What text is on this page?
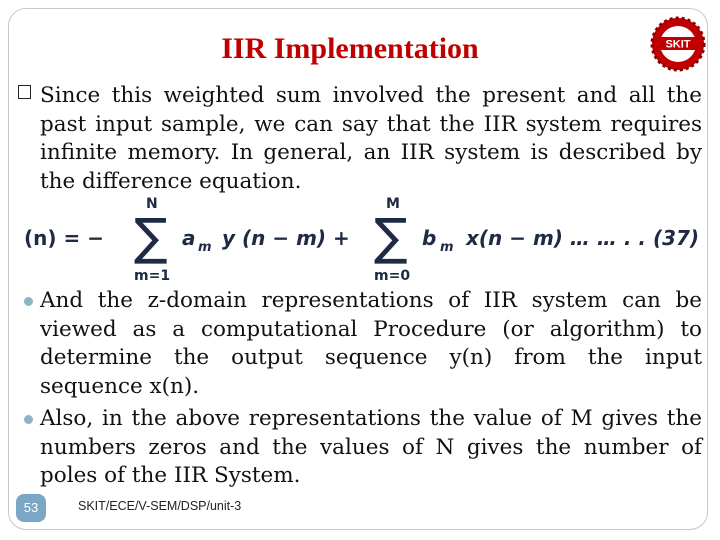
IIR Implementation	SKIT
Since this weighted sum involved the present and all the past input sample, we can say that the IIR system requires infinite memory. In general, an IIR system is described by the difference equation.
(n) = −
N
∑
m=1
a m y (n − m) +
M
∑
m=0
b m x(n − m) … … . . (37)
And the z-domain representations of IIR system can be viewed as a computational Procedure (or algorithm) to determine the output sequence y(n) from the input sequence x(n).
Also, in the above representations the value of M gives the numbers zeros and the values of N gives the number of poles of the IIR System.
53	SKIT/ECE/V-SEM/DSP/unit-3
